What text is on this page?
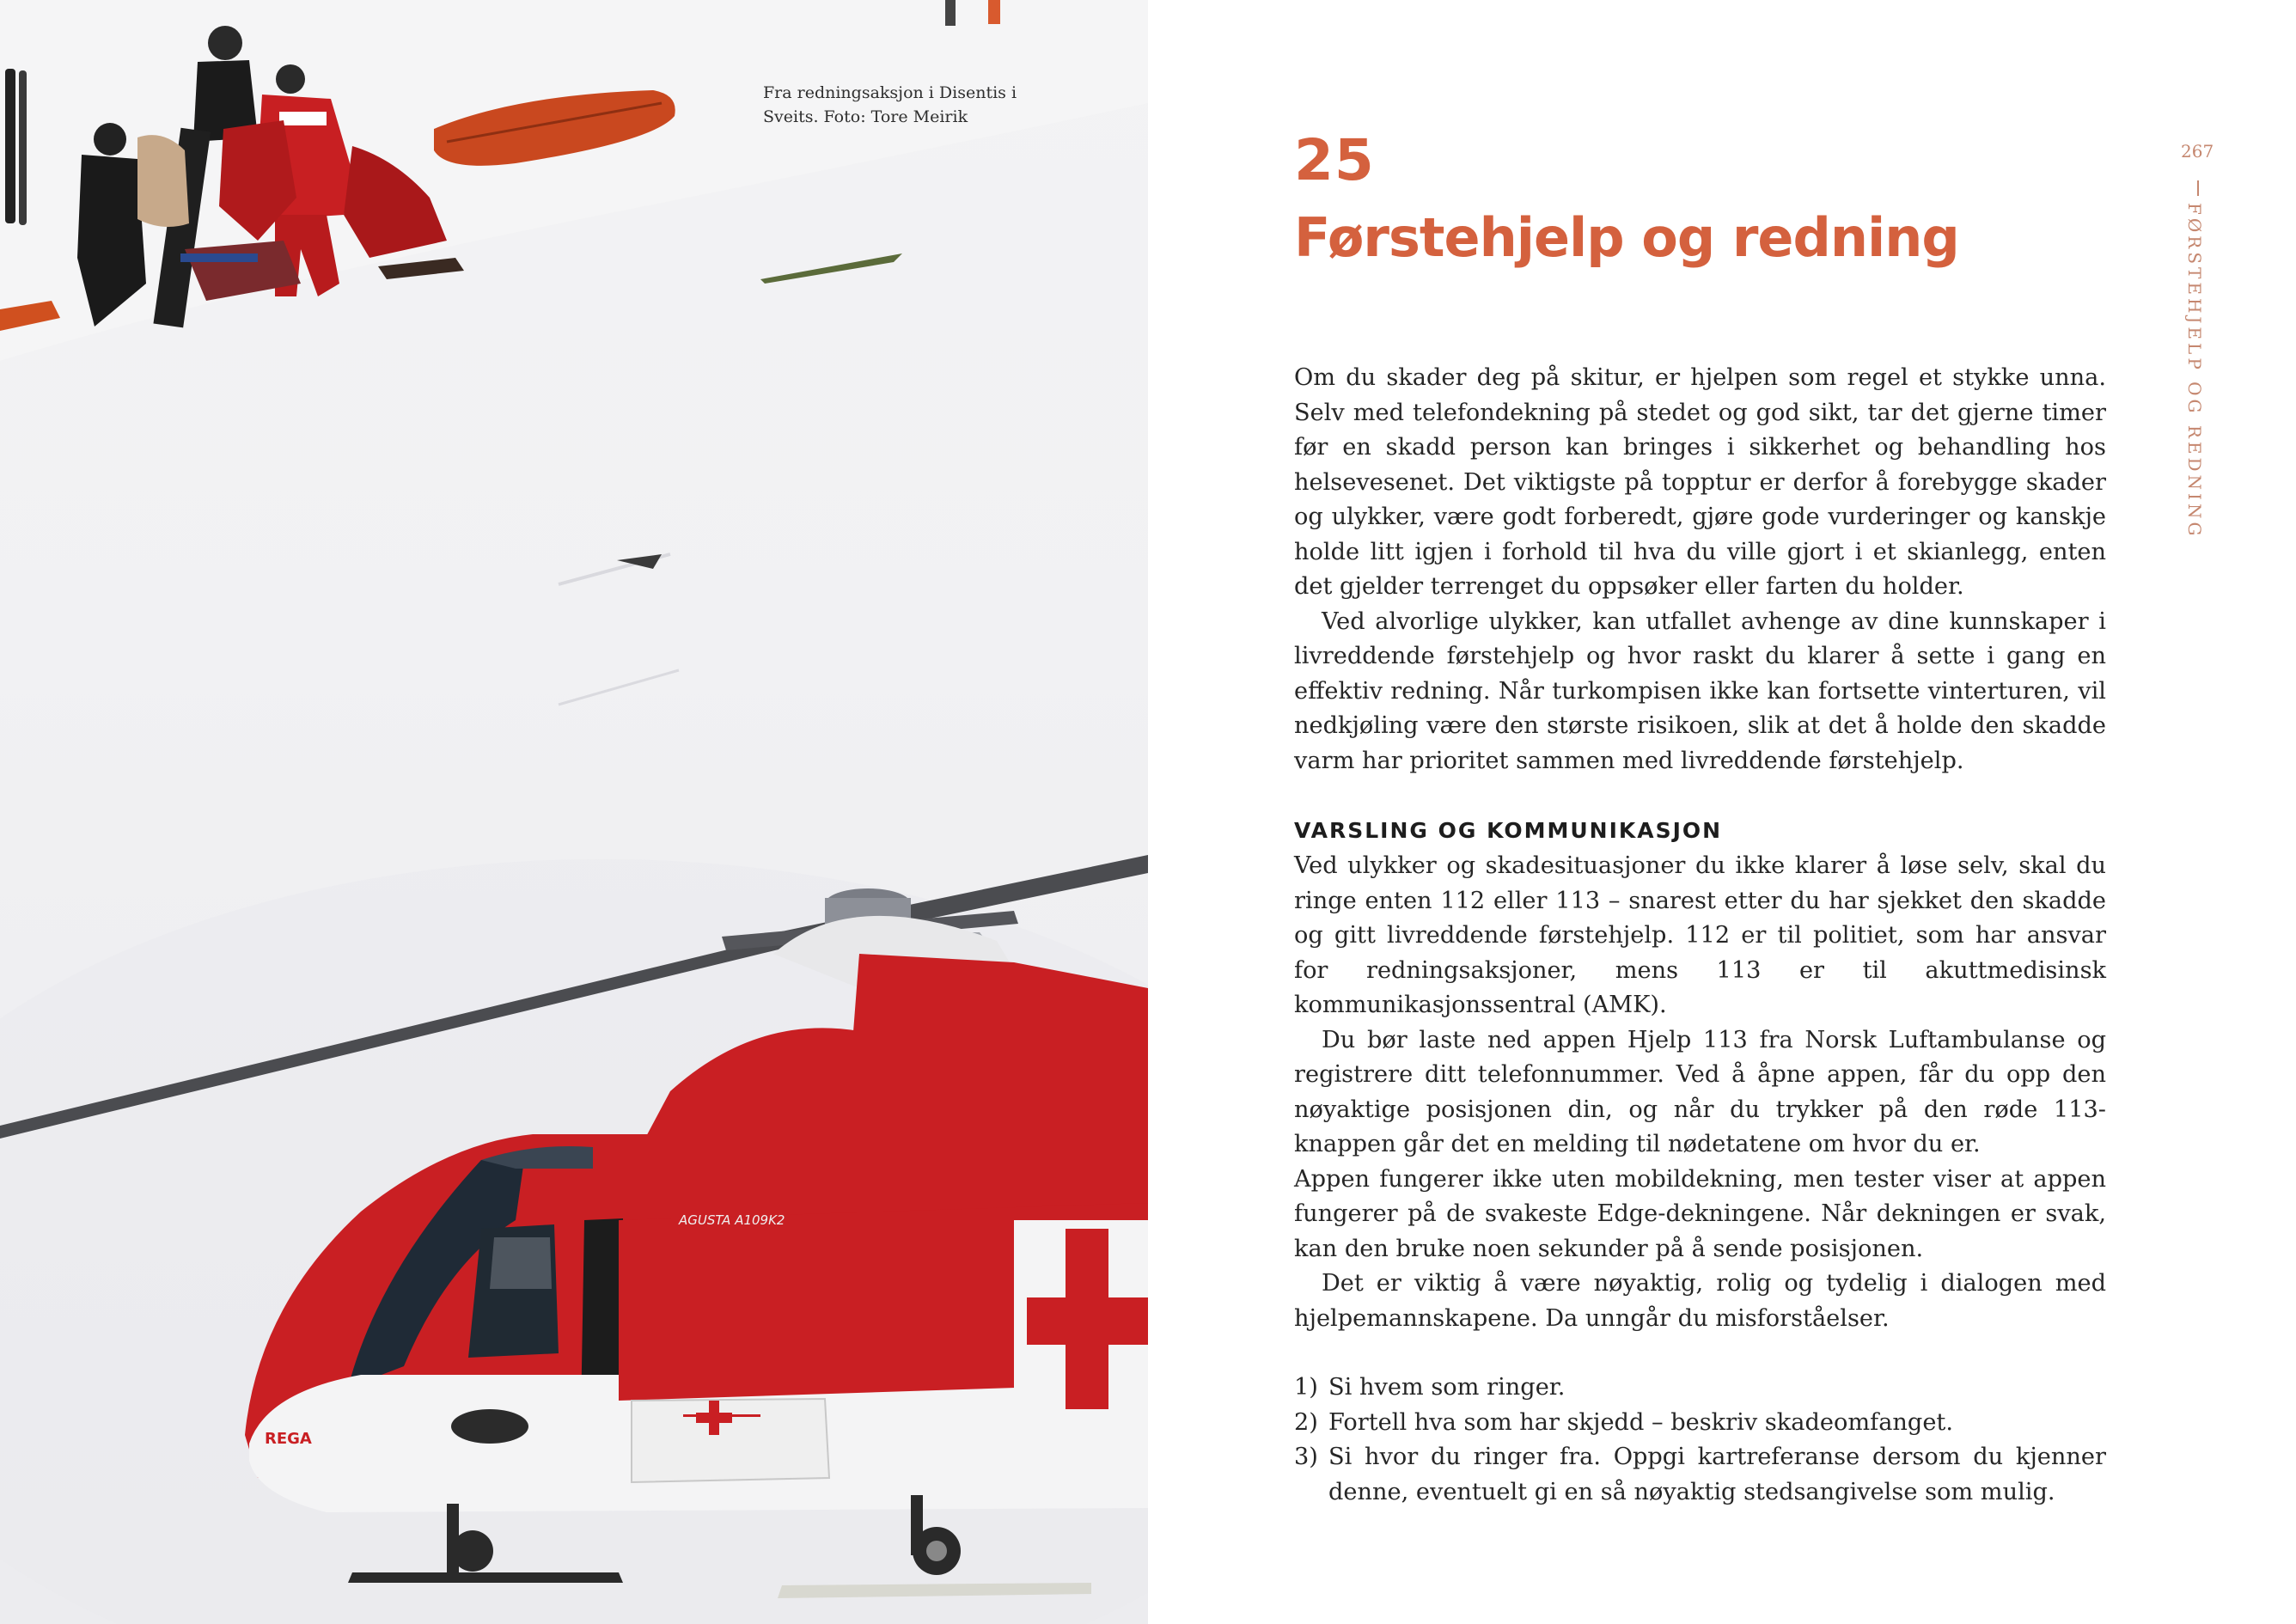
REGA
AGUSTA A109K2
Fra redningsaksjon i Disentis i Sveits. Foto: Tore Meirik
267
FØRSTEHJELP OG REDNING
25
Førstehjelp og redning

Om du skader deg på skitur, er hjelpen som regel et stykke unna. Selv med telefondekning på stedet og god sikt, tar det gjerne timer før en skadd person kan bringes i sikkerhet og behandling hos helsevesenet. Det viktigste på topptur er derfor å forebygge skader og ulykker, være godt forberedt, gjøre gode vurderinger og kanskje holde litt igjen i forhold til hva du ville gjort i et skianlegg, enten det gjelder terrenget du oppsøker eller farten du holder.

Ved alvorlige ulykker, kan utfallet avhenge av dine kunnskaper i livreddende førstehjelp og hvor raskt du klarer å sette i gang en effektiv redning. Når turkompisen ikke kan fortsette vinterturen, vil nedkjøling være den største risikoen, slik at det å holde den skadde varm har prioritet sammen med livreddende førstehjelp.

VARSLING OG KOMMUNIKASJON

Ved ulykker og skadesituasjoner du ikke klarer å løse selv, skal du ringe enten 112 eller 113 – snarest etter du har sjekket den skadde og gitt livreddende førstehjelp. 112 er til politiet, som har ansvar for redningsaksjoner, mens 113 er til akuttmedisinsk kommunikasjonssentral (AMK).

Du bør laste ned appen Hjelp 113 fra Norsk Luftambulanse og registrere ditt telefonnummer. Ved å åpne appen, får du opp den nøyaktige posisjonen din, og når du trykker på den røde 113-knappen går det en melding til nødetatene om hvor du er.

Appen fungerer ikke uten mobildekning, men tester viser at appen fungerer på de svakeste Edge-dekningene. Når dekningen er svak, kan den bruke noen sekunder på å sende posisjonen.

Det er viktig å være nøyaktig, rolig og tydelig i dialogen med hjelpemannskapene. Da unngår du misforståelser.

1) Si hvem som ringer.
2) Fortell hva som har skjedd – beskriv skadeomfanget.
3) Si hvor du ringer fra. Oppgi kartreferanse dersom du kjenner denne, eventuelt gi en så nøyaktig stedsangivelse som mulig.
